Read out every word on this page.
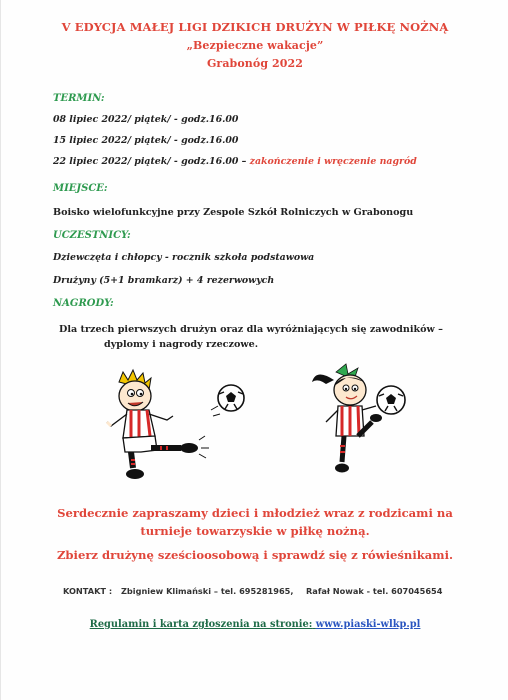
V EDYCJA MAŁEJ LIGI DZIKICH DRUŻYN W PIŁKĘ NOŻNĄ
„Bezpieczne wakacje”
Grabonóg 2022
TERMIN:
08 lipiec 2022/ piątek/ - godz.16.00
15 lipiec 2022/ piątek/ - godz.16.00
22 lipiec 2022/ piątek/ - godz.16.00 – zakończenie i wręczenie nagród
MIEJSCE:
Boisko wielofunkcyjne przy Zespole Szkół Rolniczych w Grabonogu
UCZESTNICY:
Dziewczęta i chłopcy - rocznik szkoła podstawowa
Drużyny (5+1 bramkarz) + 4 rezerwowych
NAGRODY:
Dla trzech pierwszych drużyn oraz dla wyróżniających się zawodników –
dyplomy i nagrody rzeczowe.
Serdecznie zapraszamy dzieci i młodzież wraz z rodzicami na
turnieje towarzyskie w piłkę nożną.
Zbierz drużynę sześcioosobową i sprawdź się z rówieśnikami.
KONTAKT : Zbigniew Klimański – tel. 695281965, Rafał Nowak - tel. 607045654
Regulamin i karta zgłoszenia na stronie: www.piaski-wlkp.pl
